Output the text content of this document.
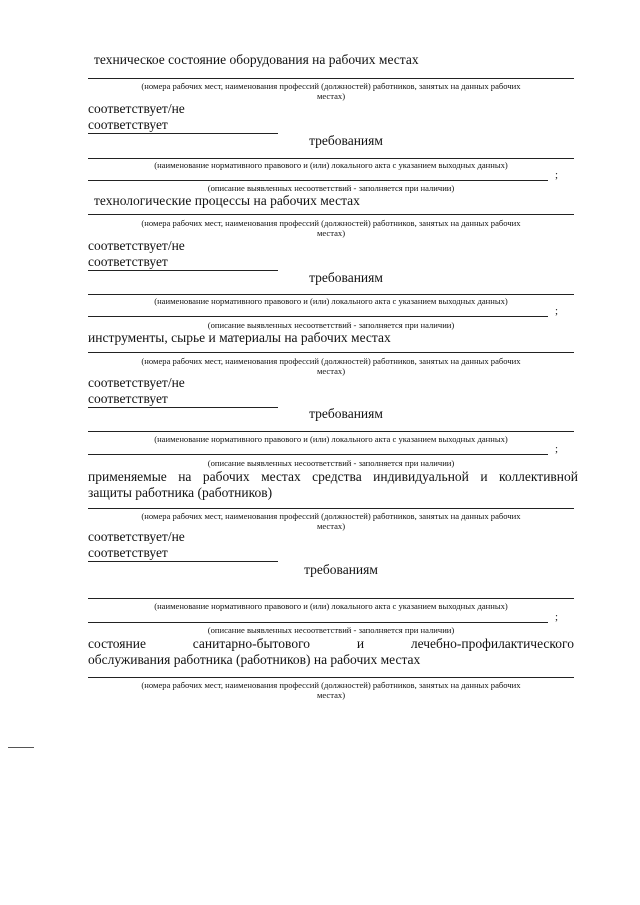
техническое состояние оборудования на рабочих местах
(номера рабочих мест, наименования профессий (должностей) работников, занятых на данных рабочих местах)
соответствует/не
соответствует
требованиям
(наименование нормативного правового и (или) локального акта с указанием выходных данных)
;
(описание выявленных несоответствий - заполняется при наличии)
технологические процессы на рабочих местах
(номера рабочих мест, наименования профессий (должностей) работников, занятых на данных рабочих местах)
соответствует/не
соответствует
требованиям
(наименование нормативного правового и (или) локального акта с указанием выходных данных)
;
(описание выявленных несоответствий - заполняется при наличии)
инструменты, сырье и материалы на рабочих местах
(номера рабочих мест, наименования профессий (должностей) работников, занятых на данных рабочих местах)
соответствует/не
соответствует
требованиям
(наименование нормативного правового и (или) локального акта с указанием выходных данных)
;
(описание выявленных несоответствий - заполняется при наличии)
применяемые на рабочих местах средства индивидуальной и коллективной
защиты работника (работников)
(номера рабочих мест, наименования профессий (должностей) работников, занятых на данных рабочих местах)
соответствует/не
соответствует
требованиям
(наименование нормативного правового и (или) локального акта с указанием выходных данных)
;
(описание выявленных несоответствий - заполняется при наличии)
состояние санитарно-бытового и лечебно-профилактического
обслуживания работника (работников) на рабочих местах
(номера рабочих мест, наименования профессий (должностей) работников, занятых на данных рабочих местах)
